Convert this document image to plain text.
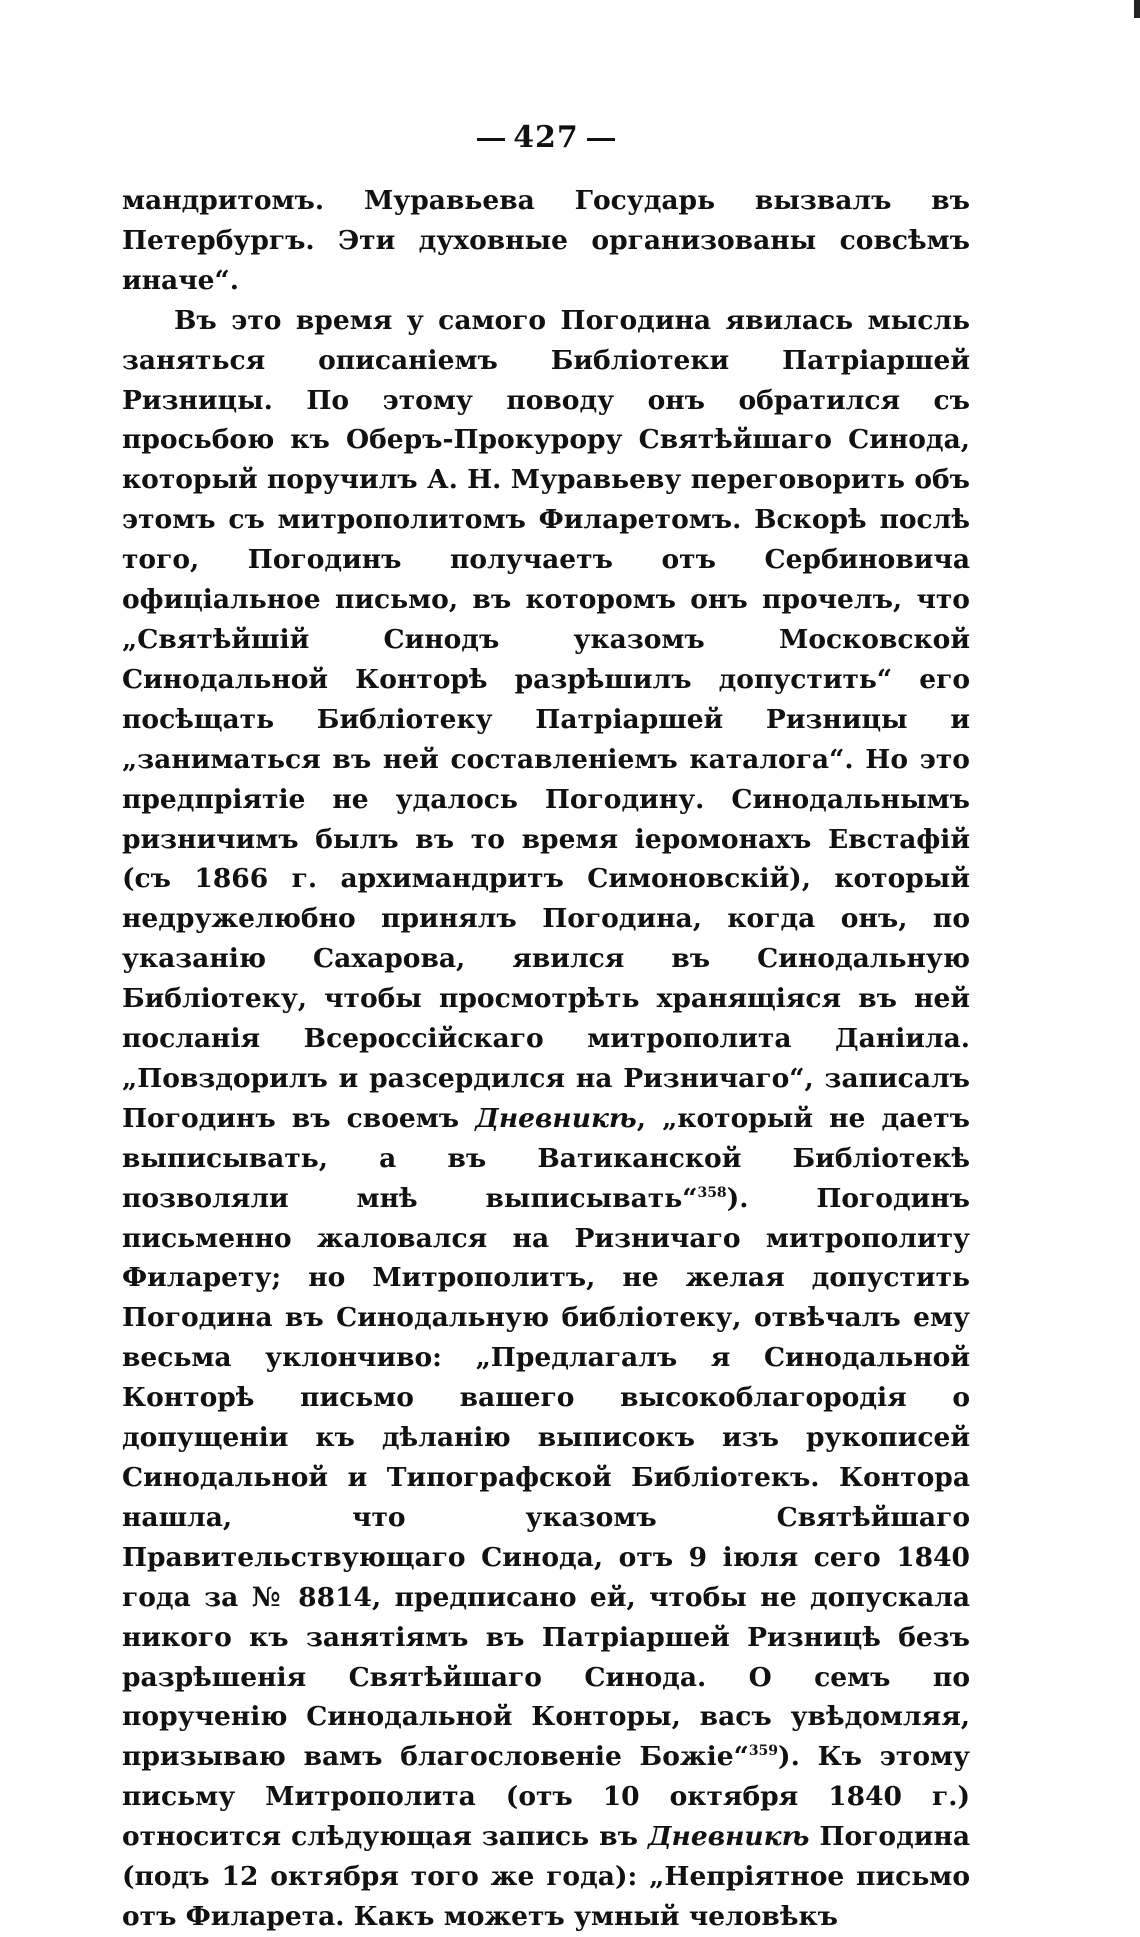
427

мандритомъ. Муравьева Государь вызвалъ въ Петербургъ. Эти духовные организованы совсѣмъ иначе“.

Въ это время у самого Погодина явилась мысль заняться описаніемъ Библіотеки Патріаршей Ризницы. По этому поводу онъ обратился съ просьбою къ Оберъ-Прокурору Святѣйшаго Синода, который поручилъ А. Н. Муравьеву переговорить объ этомъ съ митрополитомъ Филаретомъ. Вскорѣ послѣ того, Погодинъ получаетъ отъ Сербиновича офиціальное письмо, въ которомъ онъ прочелъ, что „Святѣйшій Синодъ указомъ Московской Синодальной Конторѣ разрѣшилъ допустить“ его посѣщать Библіотеку Патріаршей Ризницы и „заниматься въ ней составленіемъ каталога“. Но это предпріятіе не удалось Погодину. Синодальнымъ ризничимъ былъ въ то время іеромонахъ Евстафій (съ 1866 г. архимандритъ Симоновскій), который недружелюбно принялъ Погодина, когда онъ, по указанію Сахарова, явился въ Синодальную Библіотеку, чтобы просмотрѣть хранящіяся въ ней посланія Всероссійскаго митрополита Даніила. „Повздорилъ и разсердился на Ризничаго“, записалъ Погодинъ въ своемъ Дневникѣ, „который не даетъ выписывать, а въ Ватиканской Библіотекѣ позволяли мнѣ выписывать“$^{358}$). Погодинъ письменно жаловался на Ризничаго митрополиту Филарету; но Митрополитъ, не желая допустить Погодина въ Синодальную библіотеку, отвѣчалъ ему весьма уклончиво: „Предлагалъ я Синодальной Конторѣ письмо вашего высокоблагородія о допущеніи къ дѣланію выписокъ изъ рукописей Синодальной и Типографской Библіотекъ. Контора нашла, что указомъ Святѣйшаго Правительствующаго Синода, отъ 9 іюля сего 1840 года за № 8814, предписано ей, чтобы не допускала никого къ занятіямъ въ Патріаршей Ризницѣ безъ разрѣшенія Святѣйшаго Синода. О семъ по порученію Синодальной Конторы, васъ увѣдомляя, призываю вамъ благословеніе Божіе“$^{359}$). Къ этому письму Митрополита (отъ 10 октября 1840 г.) относится слѣдующая запись въ Дневникѣ Погодина (подъ 12 октября того же года): „Непріятное письмо отъ Филарета. Какъ можетъ умный человѣкъ
